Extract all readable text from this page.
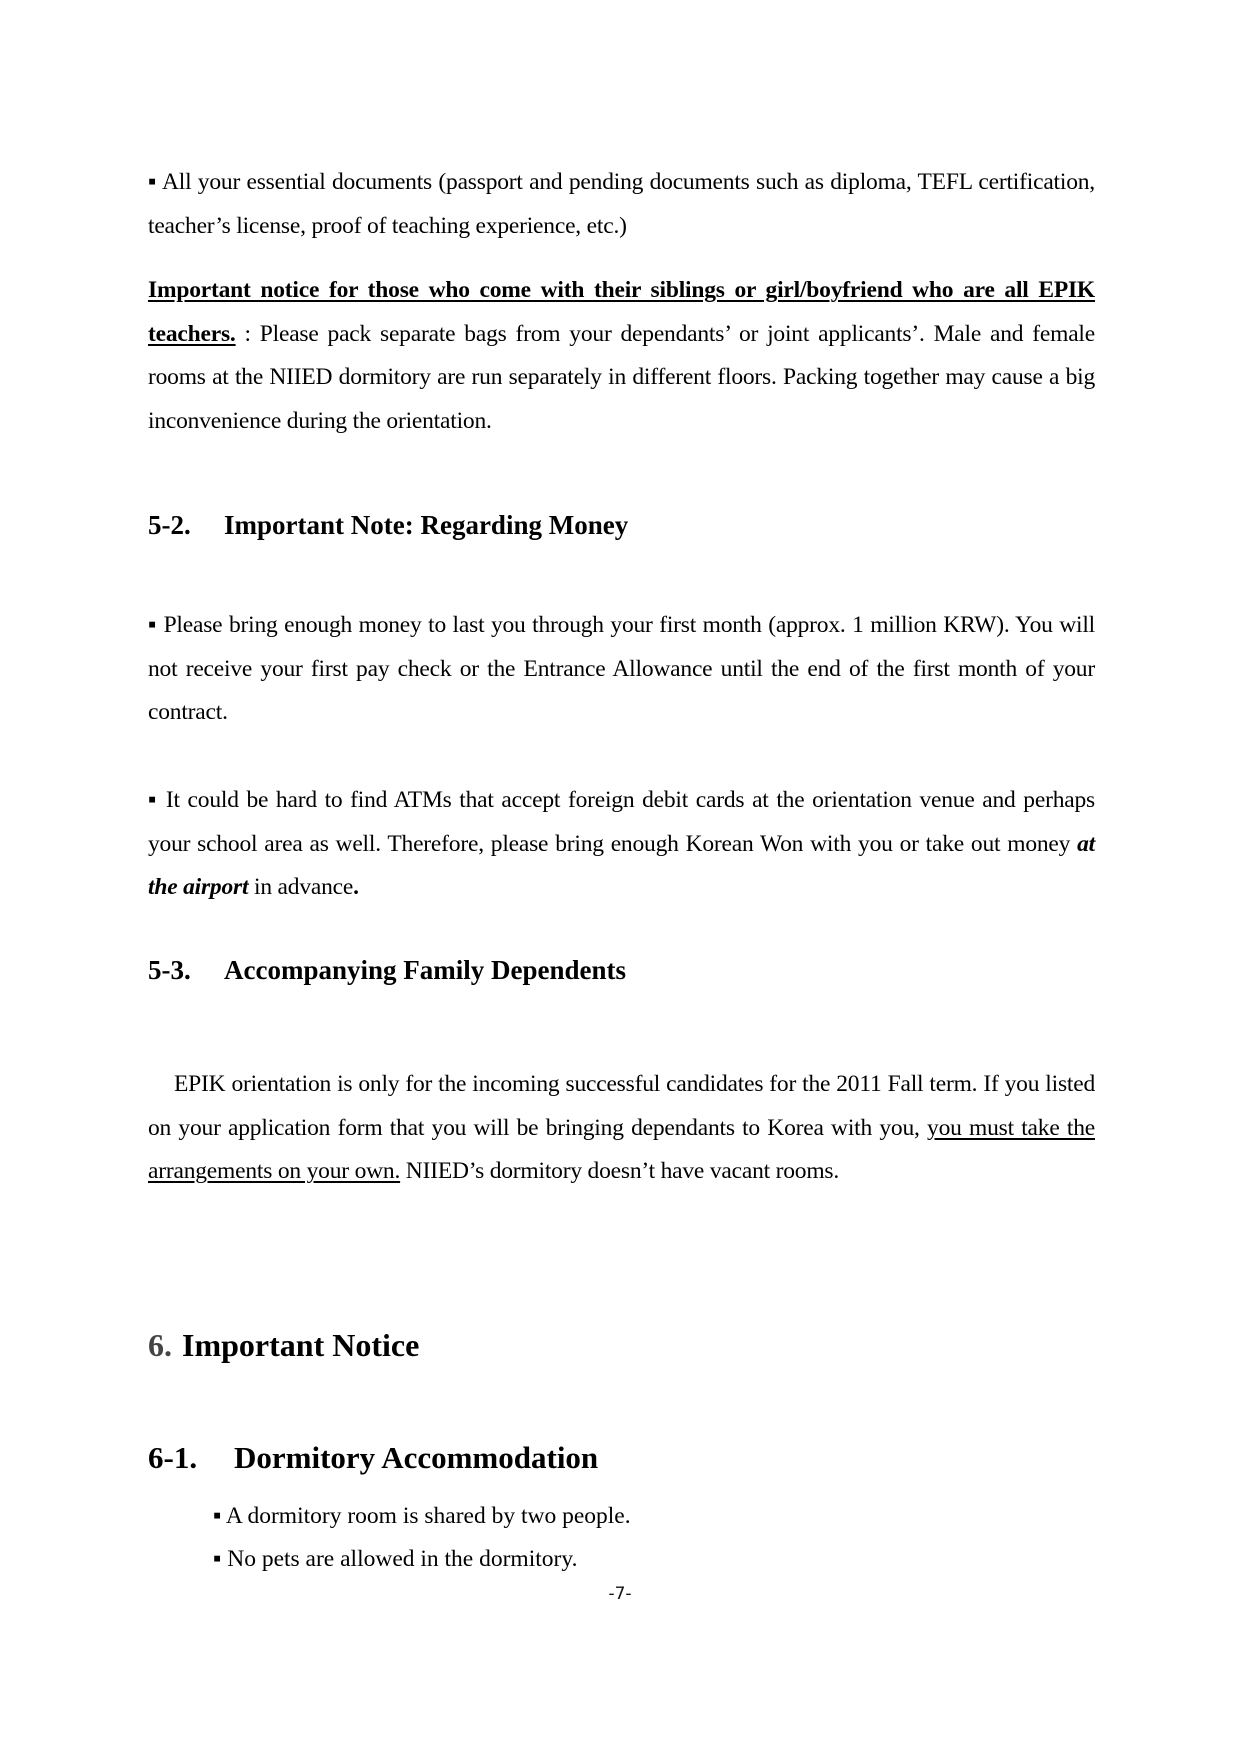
▪ All your essential documents (passport and pending documents such as diploma, TEFL certification, teacher’s license, proof of teaching experience, etc.)

Important notice for those who come with their siblings or girl/boyfriend who are all EPIK teachers. : Please pack separate bags from your dependants’ or joint applicants’. Male and female rooms at the NIIED dormitory are run separately in different floors. Packing together may cause a big inconvenience during the orientation.

5-2. Important Note: Regarding Money

▪ Please bring enough money to last you through your first month (approx. 1 million KRW). You will not receive your first pay check or the Entrance Allowance until the end of the first month of your contract.

▪ It could be hard to find ATMs that accept foreign debit cards at the orientation venue and perhaps your school area as well. Therefore, please bring enough Korean Won with you or take out money at the airport in advance.

5-3. Accompanying Family Dependents

EPIK orientation is only for the incoming successful candidates for the 2011 Fall term. If you listed on your application form that you will be bringing dependants to Korea with you, you must take the arrangements on your own. NIIED’s dormitory doesn’t have vacant rooms.

6. Important Notice
6-1. Dormitory Accommodation
▪ A dormitory room is shared by two people.
▪ No pets are allowed in the dormitory.
-7-
